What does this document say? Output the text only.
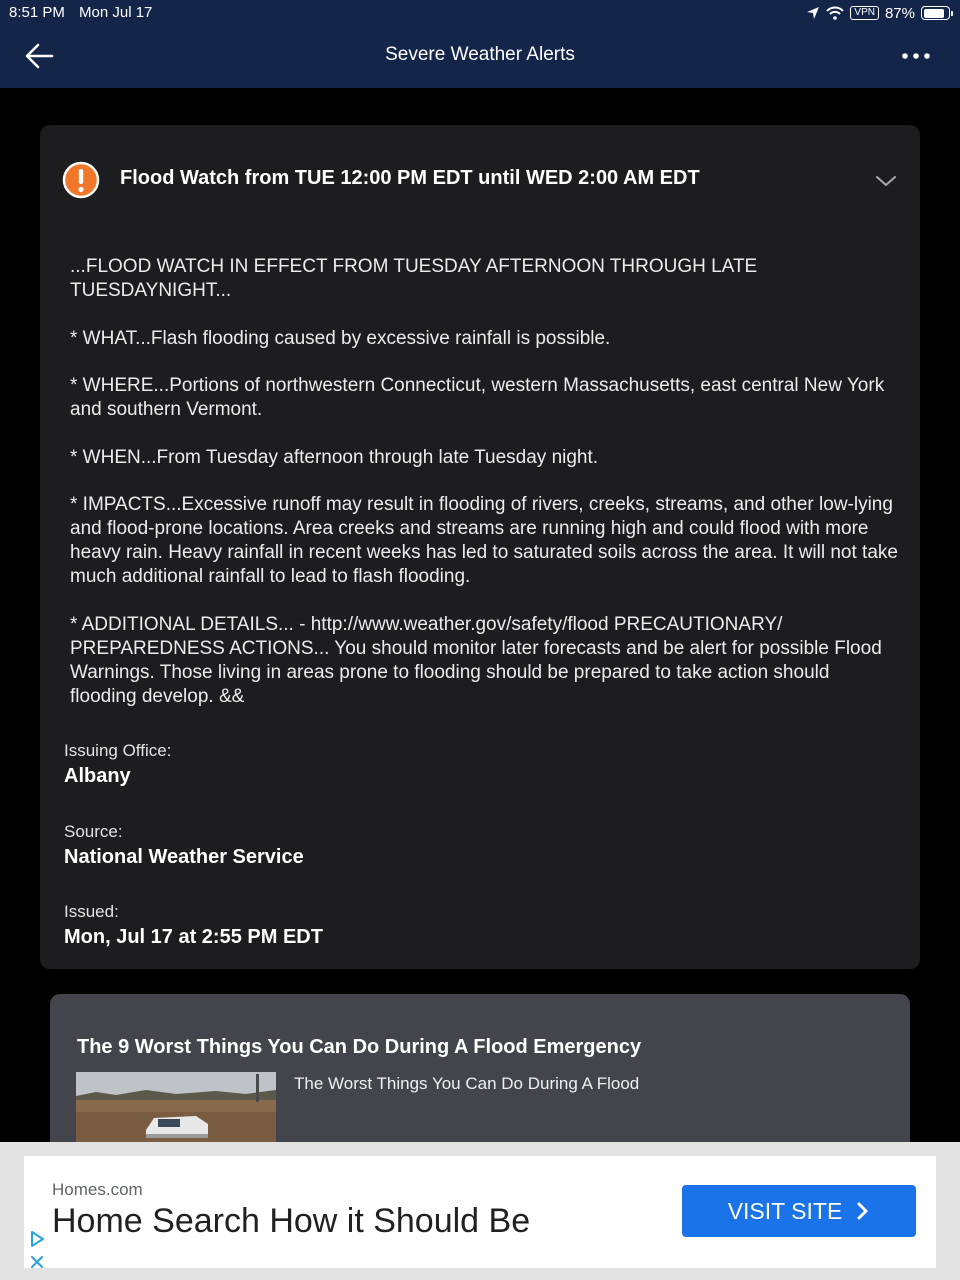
8:51 PM Mon Jul 17	VPN 87%
Severe Weather Alerts
Flood Watch from TUE 12:00 PM EDT until WED 2:00 AM EDT

...FLOOD WATCH IN EFFECT FROM TUESDAY AFTERNOON THROUGH LATE TUESDAYNIGHT...

* WHAT...Flash flooding caused by excessive rainfall is possible.

* WHERE...Portions of northwestern Connecticut, western Massachusetts, east central New York and southern Vermont.

* WHEN...From Tuesday afternoon through late Tuesday night.

* IMPACTS...Excessive runoff may result in flooding of rivers, creeks, streams, and other low-lying and flood-prone locations. Area creeks and streams are running high and could flood with more heavy rain. Heavy rainfall in recent weeks has led to saturated soils across the area. It will not take much additional rainfall to lead to flash flooding.

* ADDITIONAL DETAILS... - http://www.weather.gov/safety/flood PRECAUTIONARY/ PREPAREDNESS ACTIONS... You should monitor later forecasts and be alert for possible Flood Warnings. Those living in areas prone to flooding should be prepared to take action should flooding develop. &&

Issuing Office:
Albany
Source:
National Weather Service
Issued:
Mon, Jul 17 at 2:55 PM EDT
The 9 Worst Things You Can Do During A Flood Emergency
The Worst Things You Can Do During A Flood
Homes.com
Home Search How it Should Be	VISIT SITE
